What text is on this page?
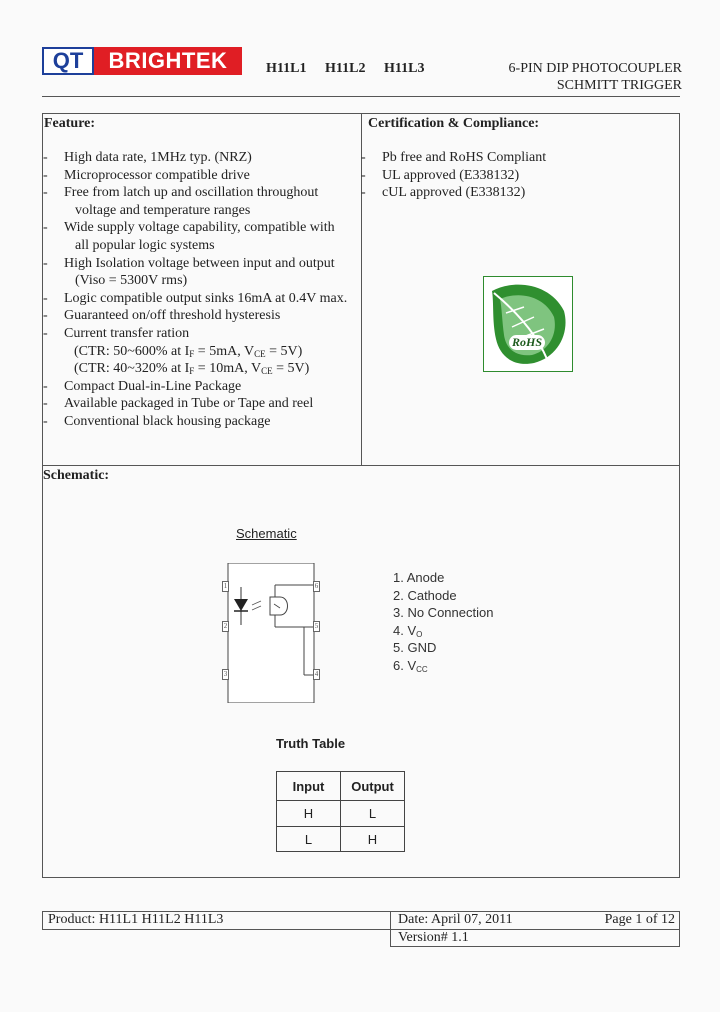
QT	BRIGHTEK	H11L1 H11L2 H11L3	6-PIN DIP PHOTOCOUPLER
SCHMITT TRIGGER
Feature:
- High data rate, 1MHz typ. (NRZ)
- Microprocessor compatible drive
- Free from latch up and oscillation throughout
voltage and temperature ranges
- Wide supply voltage capability, compatible with
all popular logic systems
- High Isolation voltage between input and output
(Viso = 5300V rms)
- Logic compatible output sinks 16mA at 0.4V max.
- Guaranteed on/off threshold hysteresis
- Current transfer ration
(CTR: 50~600% at $I_F = 5mA$, $V_{CE} = 5V$)
(CTR: 40~320% at $I_F = 10mA$, $V_{CE} = 5V$)
- Compact Dual-in-Line Package
- Available packaged in Tube or Tape and reel
- Conventional black housing package
Certification & Compliance:
- Pb free and RoHS Compliant
- UL approved (E338132)
- cUL approved (E338132)
RoHS
Schematic:
Schematic
1
2
3	4
5
6
1. Anode
2. Cathode
3. No Connection
4. $V_O$
5. GND
6. $V_{CC}$
Truth Table
Input	Output
H	L
L	H
Product: H11L1 H11L2 H11L3	Date: April 07, 2011	Page 1 of 12
Version# 1.1
